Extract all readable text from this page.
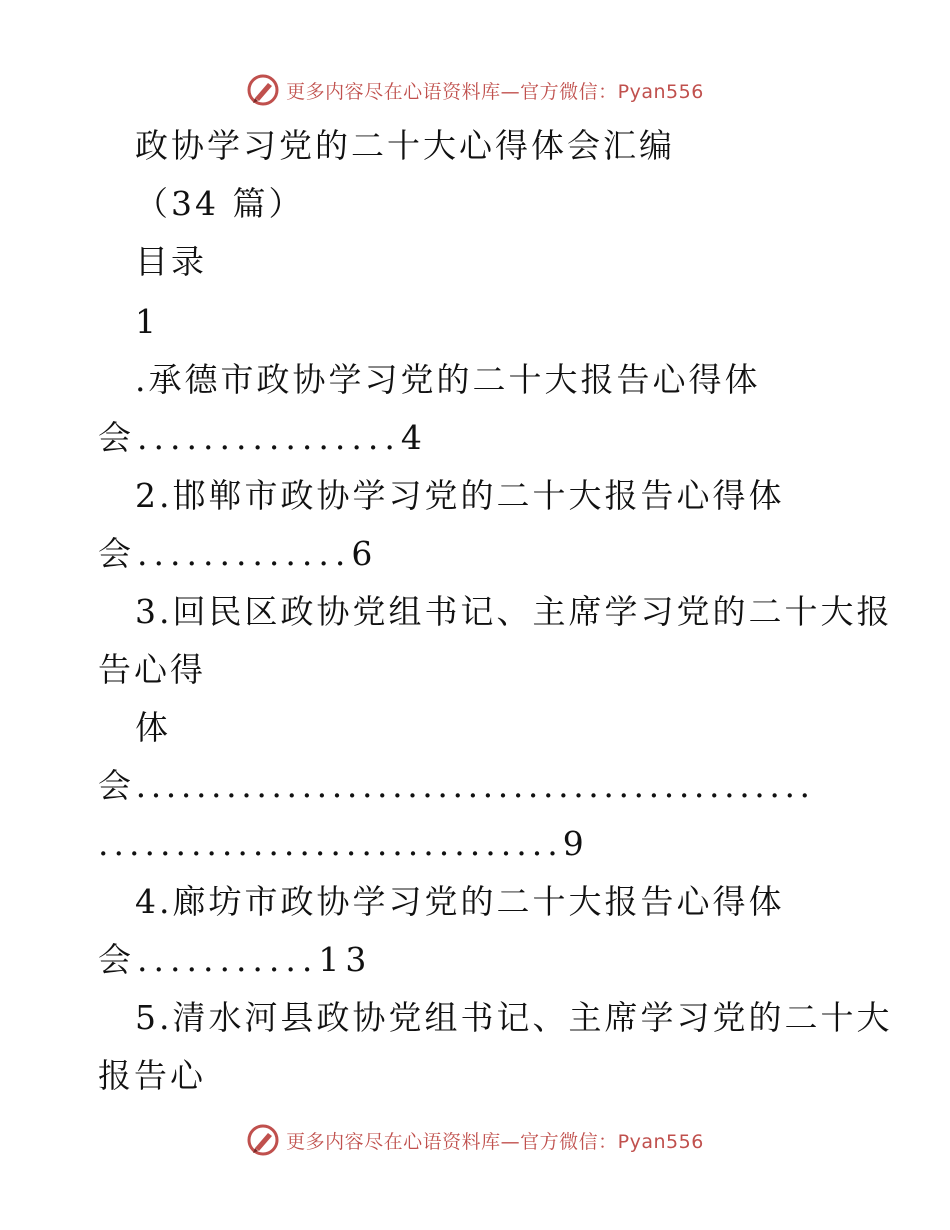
更多内容尽在心语资料库—官方微信：Pyan556
政协学习党的二十大心得体会汇编
（34 篇）
目录
1
.承德市政协学习党的二十大报告心得体
会................4
2.邯郸市政协学习党的二十大报告心得体
会.............6
3.回民区政协党组书记、主席学习党的二十大报
告心得
体
会.............................................
..............................9
4.廊坊市政协学习党的二十大报告心得体
会...........13
5.清水河县政协党组书记、主席学习党的二十大
报告心
更多内容尽在心语资料库—官方微信：Pyan556
